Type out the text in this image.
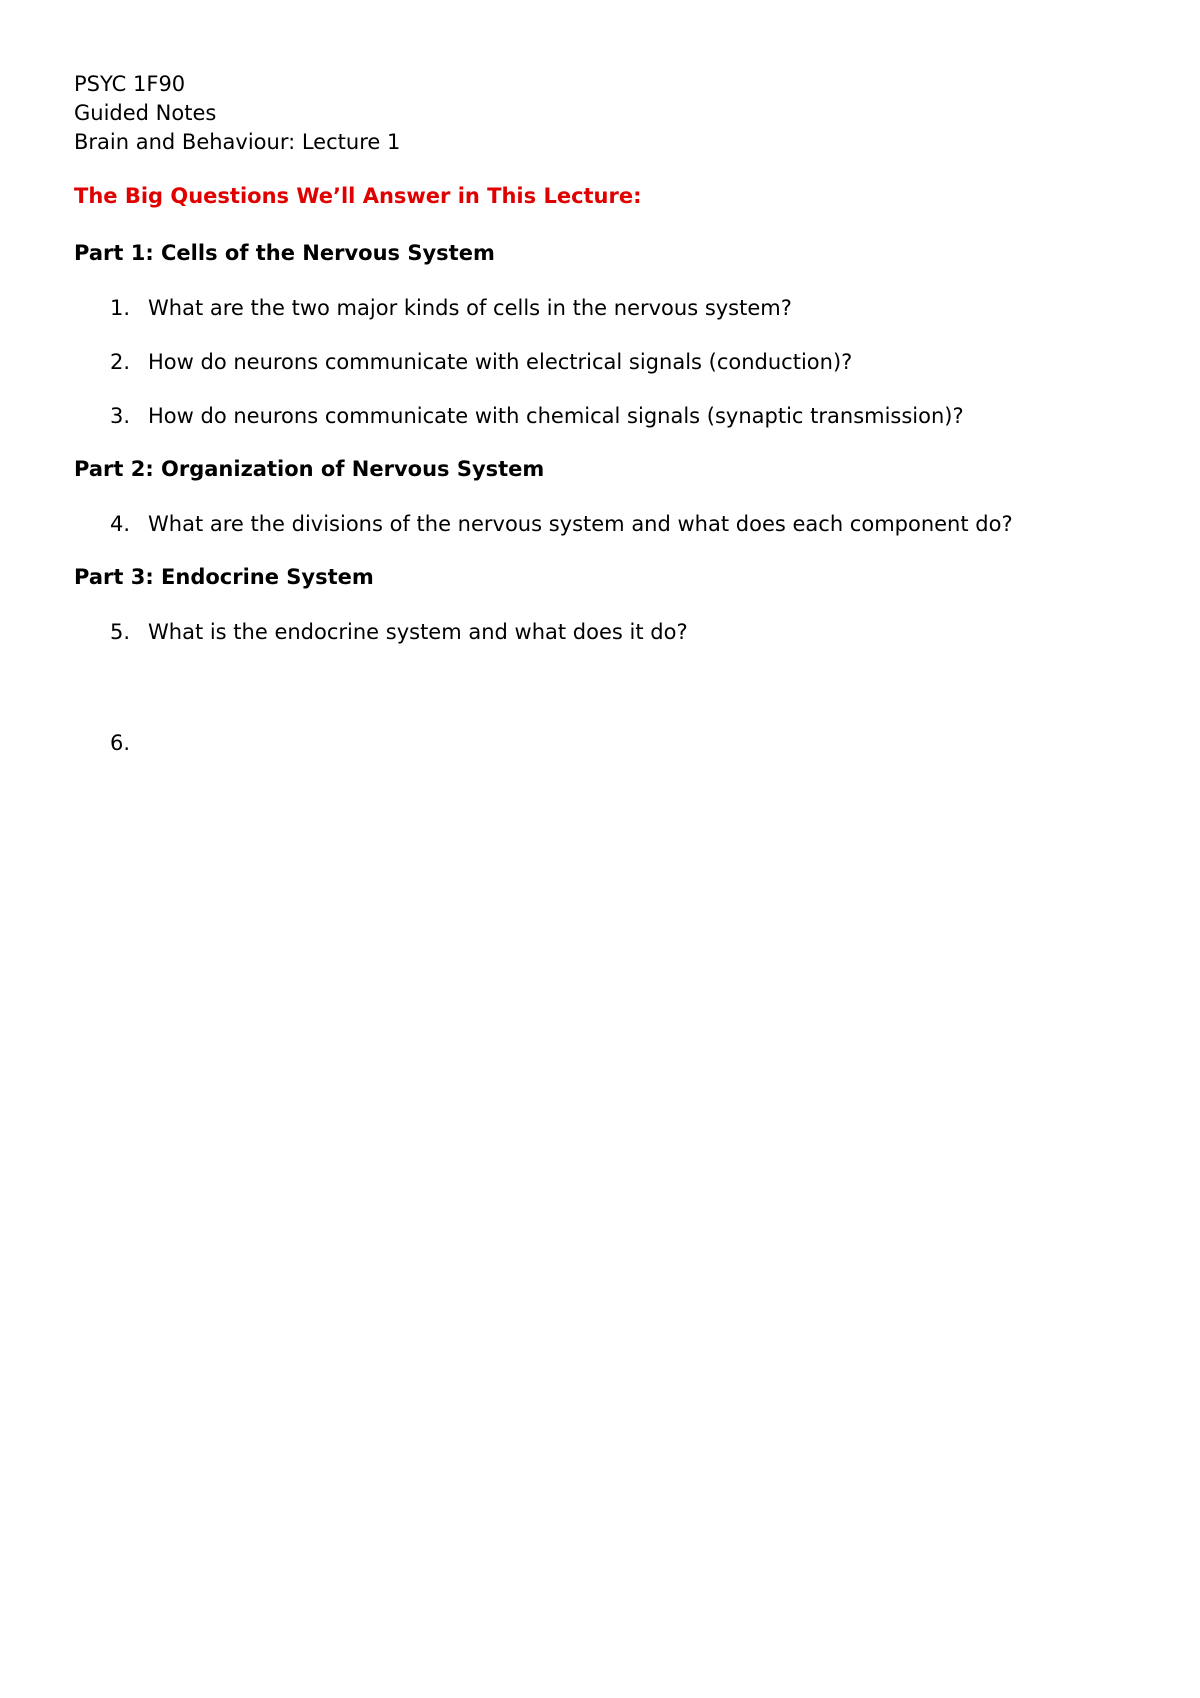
PSYC 1F90

Guided Notes

Brain and Behaviour: Lecture 1

The Big Questions We’ll Answer in This Lecture:

Part 1: Cells of the Nervous System

1. What are the two major kinds of cells in the nervous system?
2. How do neurons communicate with electrical signals (conduction)?
3. How do neurons communicate with chemical signals (synaptic transmission)?

Part 2: Organization of Nervous System

4. What are the divisions of the nervous system and what does each component do?

Part 3: Endocrine System

5. What is the endocrine system and what does it do?
6.
